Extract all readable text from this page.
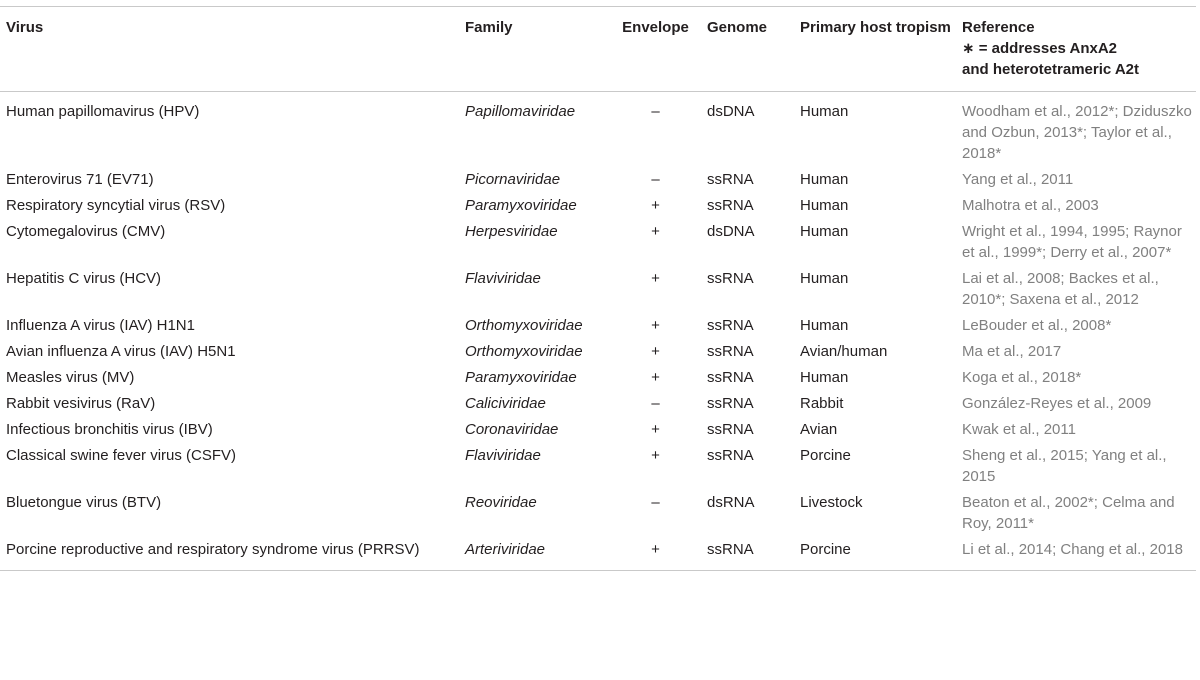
Virus	Family	Envelope	Genome	Primary host tropism	Reference
∗ = addresses AnxA2
and heterotetrameric A2t

Human papillomavirus (HPV)	Papillomaviridae	–	dsDNA	Human	Woodham et al., 2012*; Dziduszko and Ozbun, 2013*; Taylor et al., 2018*
Enterovirus 71 (EV71)	Picornaviridae	–	ssRNA	Human	Yang et al., 2011
Respiratory syncytial virus (RSV)	Paramyxoviridae	+	ssRNA	Human	Malhotra et al., 2003
Cytomegalovirus (CMV)	Herpesviridae	+	dsDNA	Human	Wright et al., 1994, 1995; Raynor et al., 1999*; Derry et al., 2007*
Hepatitis C virus (HCV)	Flaviviridae	+	ssRNA	Human	Lai et al., 2008; Backes et al., 2010*; Saxena et al., 2012
Influenza A virus (IAV) H1N1	Orthomyxoviridae	+	ssRNA	Human	LeBouder et al., 2008*
Avian influenza A virus (IAV) H5N1	Orthomyxoviridae	+	ssRNA	Avian/human	Ma et al., 2017
Measles virus (MV)	Paramyxoviridae	+	ssRNA	Human	Koga et al., 2018*
Rabbit vesivirus (RaV)	Caliciviridae	–	ssRNA	Rabbit	González-Reyes et al., 2009
Infectious bronchitis virus (IBV)	Coronaviridae	+	ssRNA	Avian	Kwak et al., 2011
Classical swine fever virus (CSFV)	Flaviviridae	+	ssRNA	Porcine	Sheng et al., 2015; Yang et al., 2015
Bluetongue virus (BTV)	Reoviridae	–	dsRNA	Livestock	Beaton et al., 2002*; Celma and Roy, 2011*
Porcine reproductive and respiratory syndrome virus (PRRSV)	Arteriviridae	+	ssRNA	Porcine	Li et al., 2014; Chang et al., 2018
